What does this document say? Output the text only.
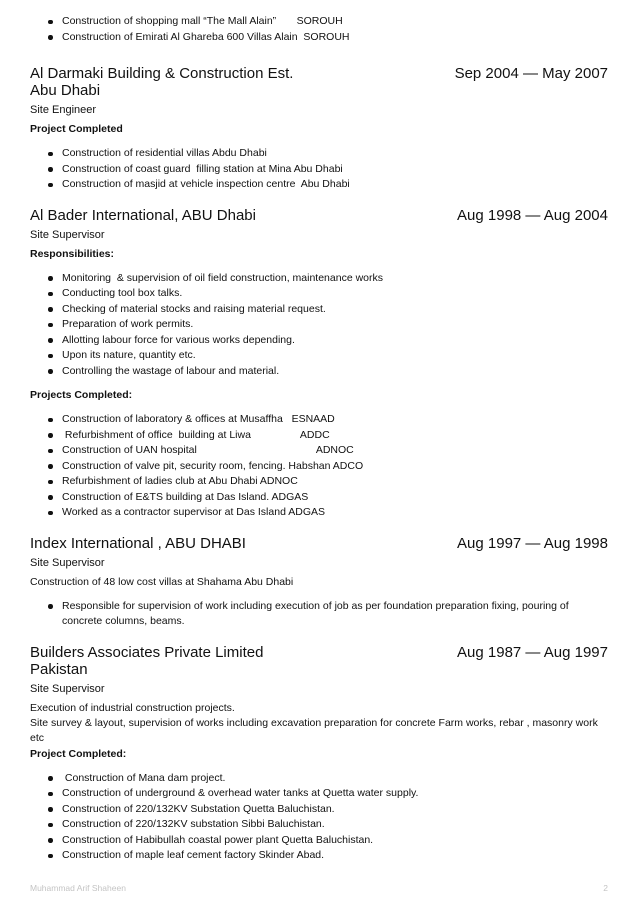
Construction of shopping mall “The Mall Alain”       SOROUH
Construction of Emirati Al Ghareba 600 Villas Alain  SOROUH
Al Darmaki Building & Construction Est.
Abu Dhabi
Sep 2004 — May 2007
Site Engineer
Project Completed
Construction of residential villas Abdu Dhabi
Construction of coast guard  filling station at Mina Abu Dhabi
Construction of masjid at vehicle inspection centre  Abu Dhabi
Al Bader International, ABU Dhabi	Aug 1998 — Aug 2004
Site Supervisor
Responsibilities:
Monitoring  & supervision of oil field construction, maintenance works
Conducting tool box talks.
Checking of material stocks and raising material request.
Preparation of work permits.
Allotting labour force for various works depending.
Upon its nature, quantity etc.
Controlling the wastage of labour and material.
Projects Completed:
Construction of laboratory & offices at Musaffha   ESNAAD
Refurbishment of office  building at Liwa                 ADDC
Construction of UAN hospital                                         ADNOC
Construction of valve pit, security room, fencing. Habshan ADCO
Refurbishment of ladies club at Abu Dhabi ADNOC
Construction of E&TS building at Das Island. ADGAS
Worked as a contractor supervisor at Das Island ADGAS
Index International , ABU DHABI	Aug 1997 — Aug 1998
Site Supervisor
Construction of 48 low cost villas at Shahama Abu Dhabi
Responsible for supervision of work including execution of job as per foundation preparation fixing, pouring of concrete columns, beams.
Builders Associates Private Limited
Pakistan
Aug 1987 — Aug 1997
Site Supervisor
Execution of industrial construction projects.
Site survey & layout, supervision of works including excavation preparation for concrete Farm works, rebar , masonry work etc
Project Completed:
Construction of Mana dam project.
Construction of underground & overhead water tanks at Quetta water supply.
Construction of 220/132KV Substation Quetta Baluchistan.
Construction of 220/132KV substation Sibbi Baluchistan.
Construction of Habibullah coastal power plant Quetta Baluchistan.
Construction of maple leaf cement factory Skinder Abad.
Muhammad Arif Shaheen	2
